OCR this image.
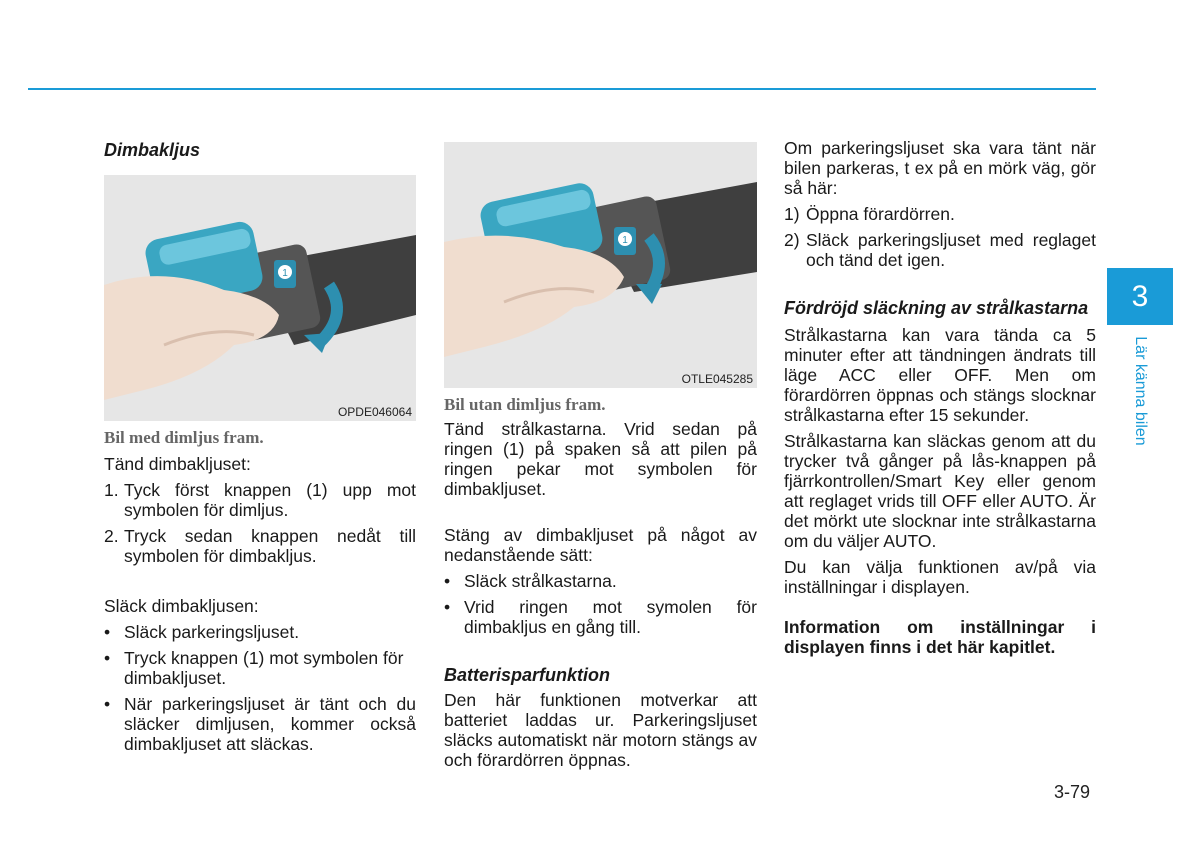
Dimbakljus

1
OPDE046064

Bil med dimljus fram.

Tänd dimbakljuset:

1. Tyck först knappen (1) upp mot symbolen för dimljus.
2. Tryck sedan knappen nedåt till symbolen för dimbakljus.

Släck dimbakljusen:

• Släck parkeringsljuset.
• Tryck knappen (1) mot symbolen för dimbakljuset.
• När parkeringsljuset är tänt och du släcker dimljusen, kommer också dimbakljuset att släckas.
1
OTLE045285

Bil utan dimljus fram.

Tänd strålkastarna. Vrid sedan på ringen (1) på spaken så att pilen på ringen pekar mot symbolen för dimbakljuset.

Stäng av dimbakljuset på något av nedanstående sätt:

• Släck strålkastarna.
• Vrid ringen mot symolen för dimbakljus en gång till.

Batterisparfunktion

Den här funktionen motverkar att batteriet laddas ur. Parkeringsljuset släcks automatiskt när motorn stängs av och förardörren öppnas.

Om parkeringsljuset ska vara tänt när bilen parkeras, t ex på en mörk väg, gör så här:

1) Öppna förardörren.
2) Släck parkeringsljuset med reglaget och tänd det igen.

Fördröjd släckning av strålkastarna

Strålkastarna kan vara tända ca 5 minuter efter att tändningen ändrats till läge ACC eller OFF. Men om förardörren öppnas och stängs slocknar strålkastarna efter 15 sekunder.

Strålkastarna kan släckas genom att du trycker två gånger på lås-knappen på fjärrkontrollen/Smart Key eller genom att reglaget vrids till OFF eller AUTO. Är det mörkt ute slocknar inte strålkastarna om du väljer AUTO.

Du kan välja funktionen av/på via inställningar i displayen.

Information om inställningar i displayen finns i det här kapitlet.

3
Lär känna bilen
3-79
